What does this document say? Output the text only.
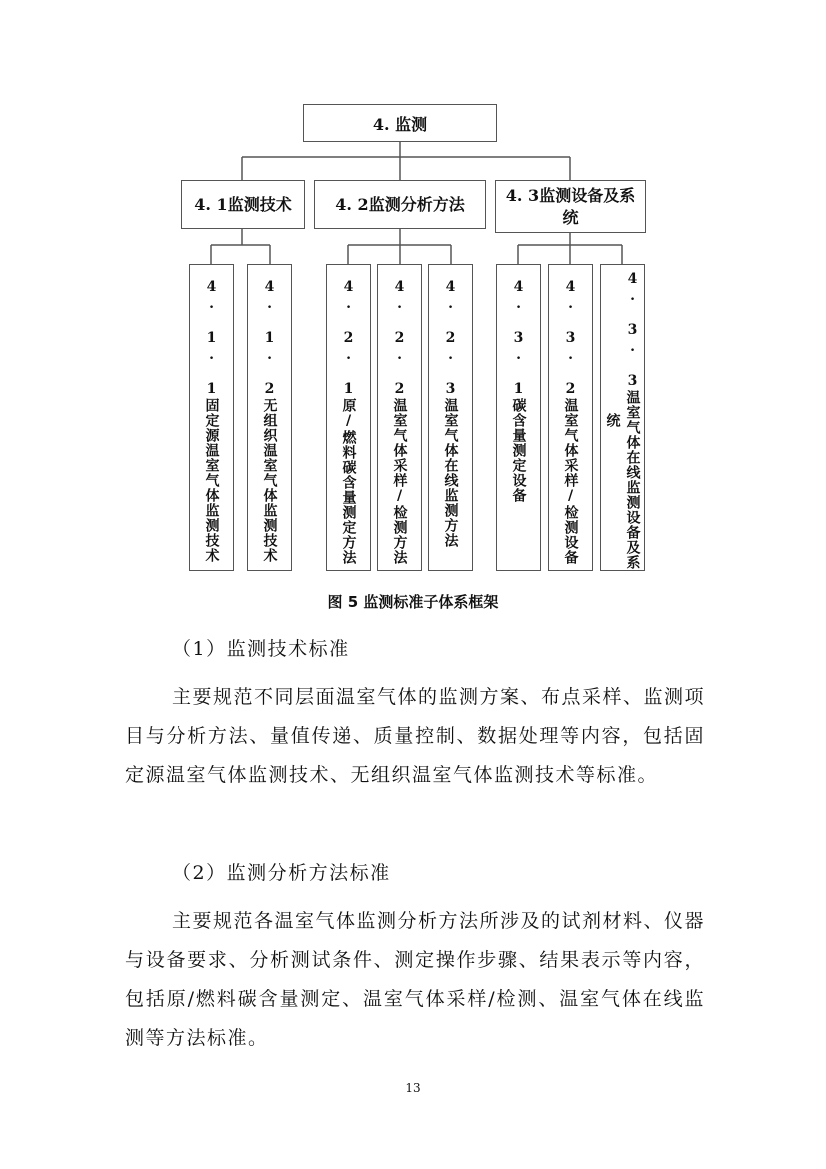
4. 监测
4. 1监测技术	4. 2监测分析方法	4. 3监测设备及系统
4. 1. 1固定源温室气体监测技术	4. 1. 2无组织温室气体监测技术	4. 2. 1原/燃料碳含量测定方法	4. 2. 2温室气体采样/检测方法	4. 2. 3温室气体在线监测方法	4. 3. 1碳含量测定设备	4. 3. 2温室气体采样/检测设备	4. 3. 3温室气体在线监测设备及系统
图 5 监测标准子体系框架

（1）监测技术标准

主要规范不同层面温室气体的监测方案、布点采样、监测项目与分析方法、量值传递、质量控制、数据处理等内容，包括固定源温室气体监测技术、无组织温室气体监测技术等标准。

（2）监测分析方法标准

主要规范各温室气体监测分析方法所涉及的试剂材料、仪器与设备要求、分析测试条件、测定操作步骤、结果表示等内容，包括原/燃料碳含量测定、温室气体采样/检测、温室气体在线监测等方法标准。

13
